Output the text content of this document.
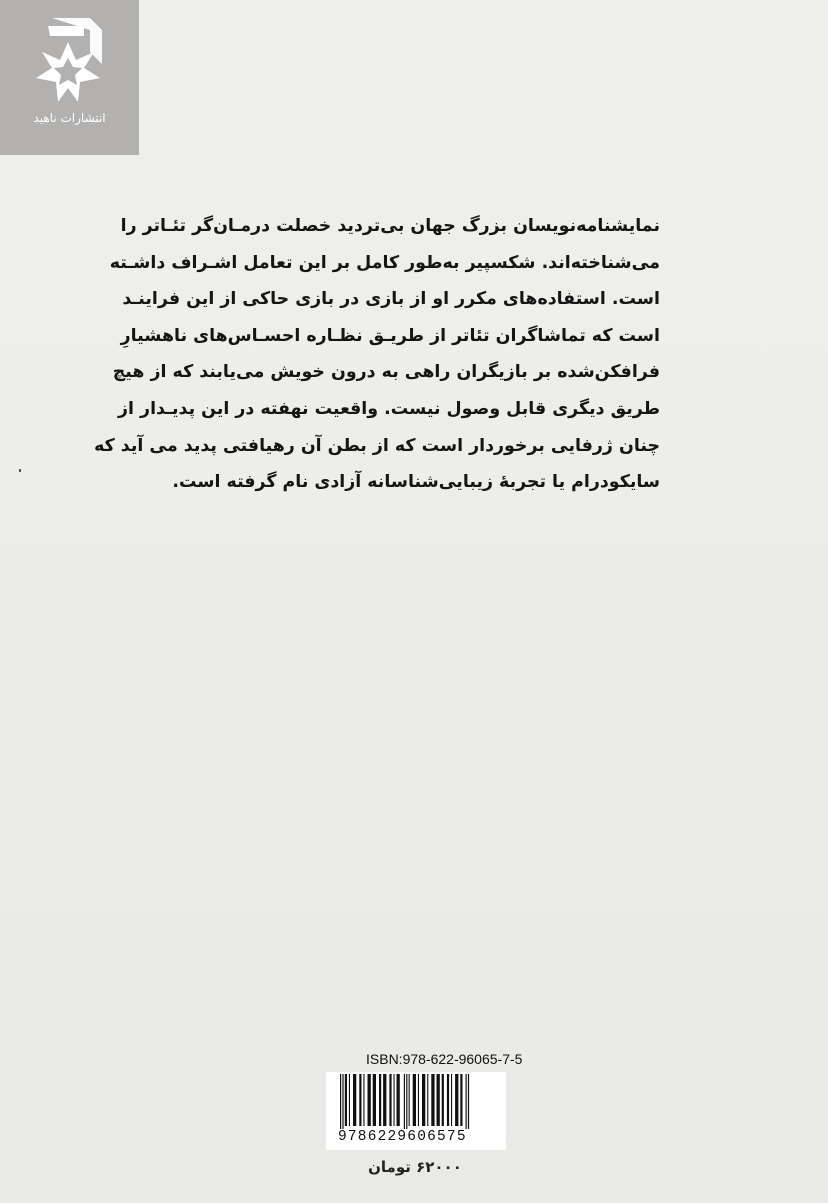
انتشارات ناهید
نمایشنامه‌نویسان بزرگ جهان بی‌تردید خصلت درمـان‌گر تئـاتر را
می‌شناخته‌اند. شکسپیر به‌طور کامل بر این تعامل اشـراف داشـته
است. استفاده‌های مکرر او از بازی در بازی حاکی از این فراینـد
است که تماشاگران تئاتر از طریـق نظـاره احسـاس‌های ناهشیارِ
فرافکن‌شده بر بازیگران راهی به درون خویش می‌یابند که از هیچ
طریق دیگری قابل وصول نیست. واقعیت نهفته در این پدیـدار از
چنان ژرفایی برخوردار است که از بطن آن رهیافتی پدید می آید که
سایکودرام یا تجربهٔ زیبایی‌شناسانه آزادی نام گرفته است.
ISBN:978-622-96065-7-5
9786229606575
۶۲۰۰۰ تومان
